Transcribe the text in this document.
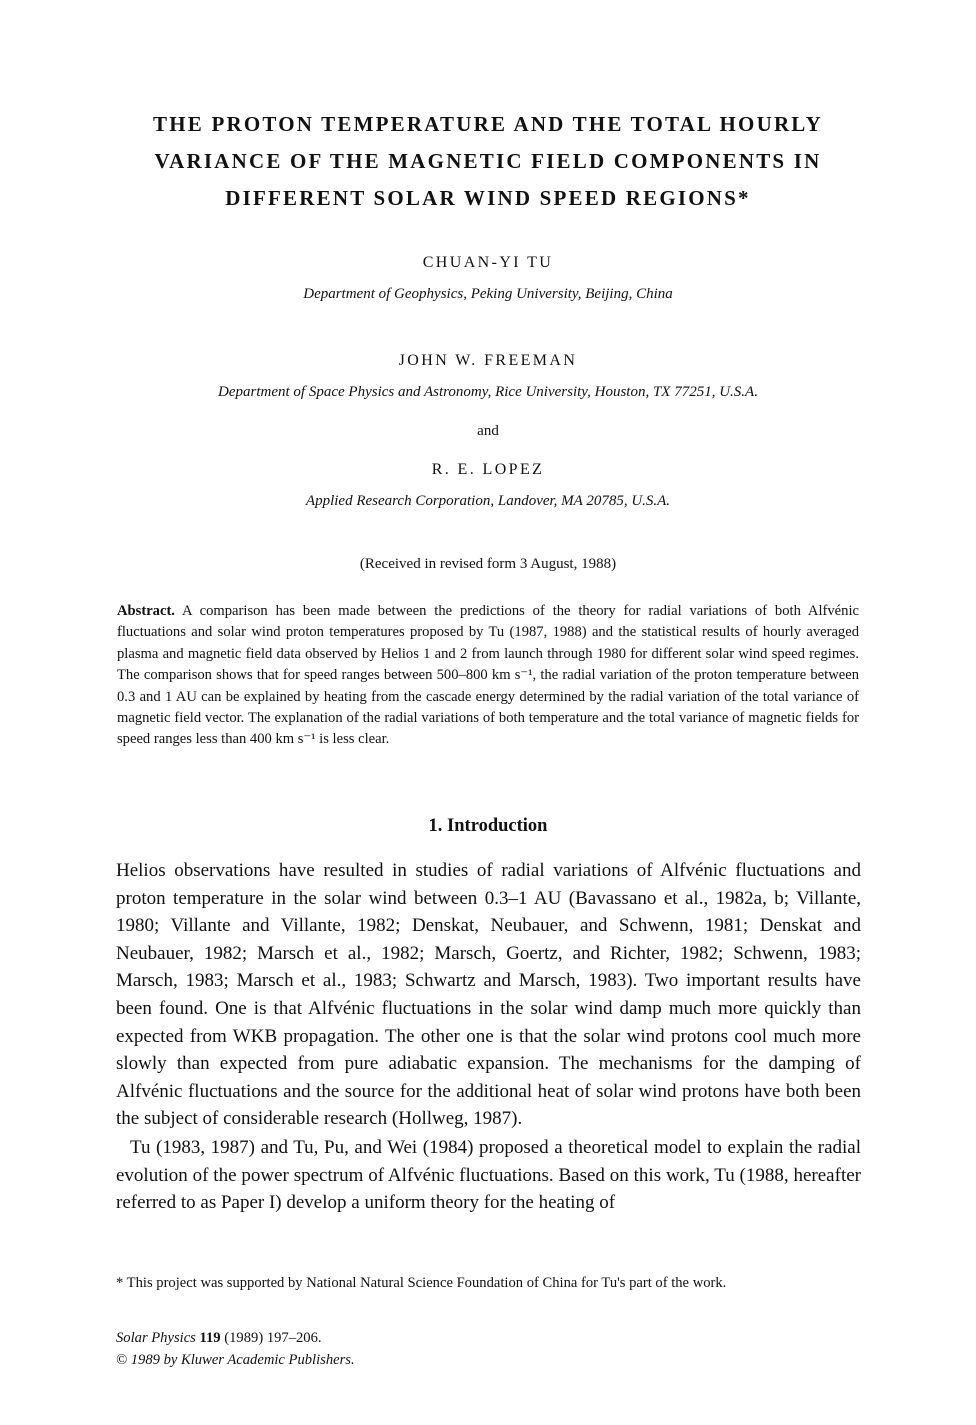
THE PROTON TEMPERATURE AND THE TOTAL HOURLY
VARIANCE OF THE MAGNETIC FIELD COMPONENTS IN
DIFFERENT SOLAR WIND SPEED REGIONS*
CHUAN-YI TU
Department of Geophysics, Peking University, Beijing, China
JOHN W. FREEMAN
Department of Space Physics and Astronomy, Rice University, Houston, TX 77251, U.S.A.
and
R. E. LOPEZ
Applied Research Corporation, Landover, MA 20785, U.S.A.
(Received in revised form 3 August, 1988)
Abstract. A comparison has been made between the predictions of the theory for radial variations of both Alfvénic fluctuations and solar wind proton temperatures proposed by Tu (1987, 1988) and the statistical results of hourly averaged plasma and magnetic field data observed by Helios 1 and 2 from launch through 1980 for different solar wind speed regimes. The comparison shows that for speed ranges between 500–800 km s⁻¹, the radial variation of the proton temperature between 0.3 and 1 AU can be explained by heating from the cascade energy determined by the radial variation of the total variance of magnetic field vector. The explanation of the radial variations of both temperature and the total variance of magnetic fields for speed ranges less than 400 km s⁻¹ is less clear.
1. Introduction

Helios observations have resulted in studies of radial variations of Alfvénic fluctuations and proton temperature in the solar wind between 0.3–1 AU (Bavassano et al., 1982a, b; Villante, 1980; Villante and Villante, 1982; Denskat, Neubauer, and Schwenn, 1981; Denskat and Neubauer, 1982; Marsch et al., 1982; Marsch, Goertz, and Richter, 1982; Schwenn, 1983; Marsch, 1983; Marsch et al., 1983; Schwartz and Marsch, 1983). Two important results have been found. One is that Alfvénic fluctuations in the solar wind damp much more quickly than expected from WKB propagation. The other one is that the solar wind protons cool much more slowly than expected from pure adiabatic expansion. The mechanisms for the damping of Alfvénic fluctuations and the source for the additional heat of solar wind protons have both been the subject of considerable research (Hollweg, 1987).

Tu (1983, 1987) and Tu, Pu, and Wei (1984) proposed a theoretical model to explain the radial evolution of the power spectrum of Alfvénic fluctuations. Based on this work, Tu (1988, hereafter referred to as Paper I) develop a uniform theory for the heating of

* This project was supported by National Natural Science Foundation of China for Tu's part of the work.
Solar Physics 119 (1989) 197–206.
© 1989 by Kluwer Academic Publishers.
